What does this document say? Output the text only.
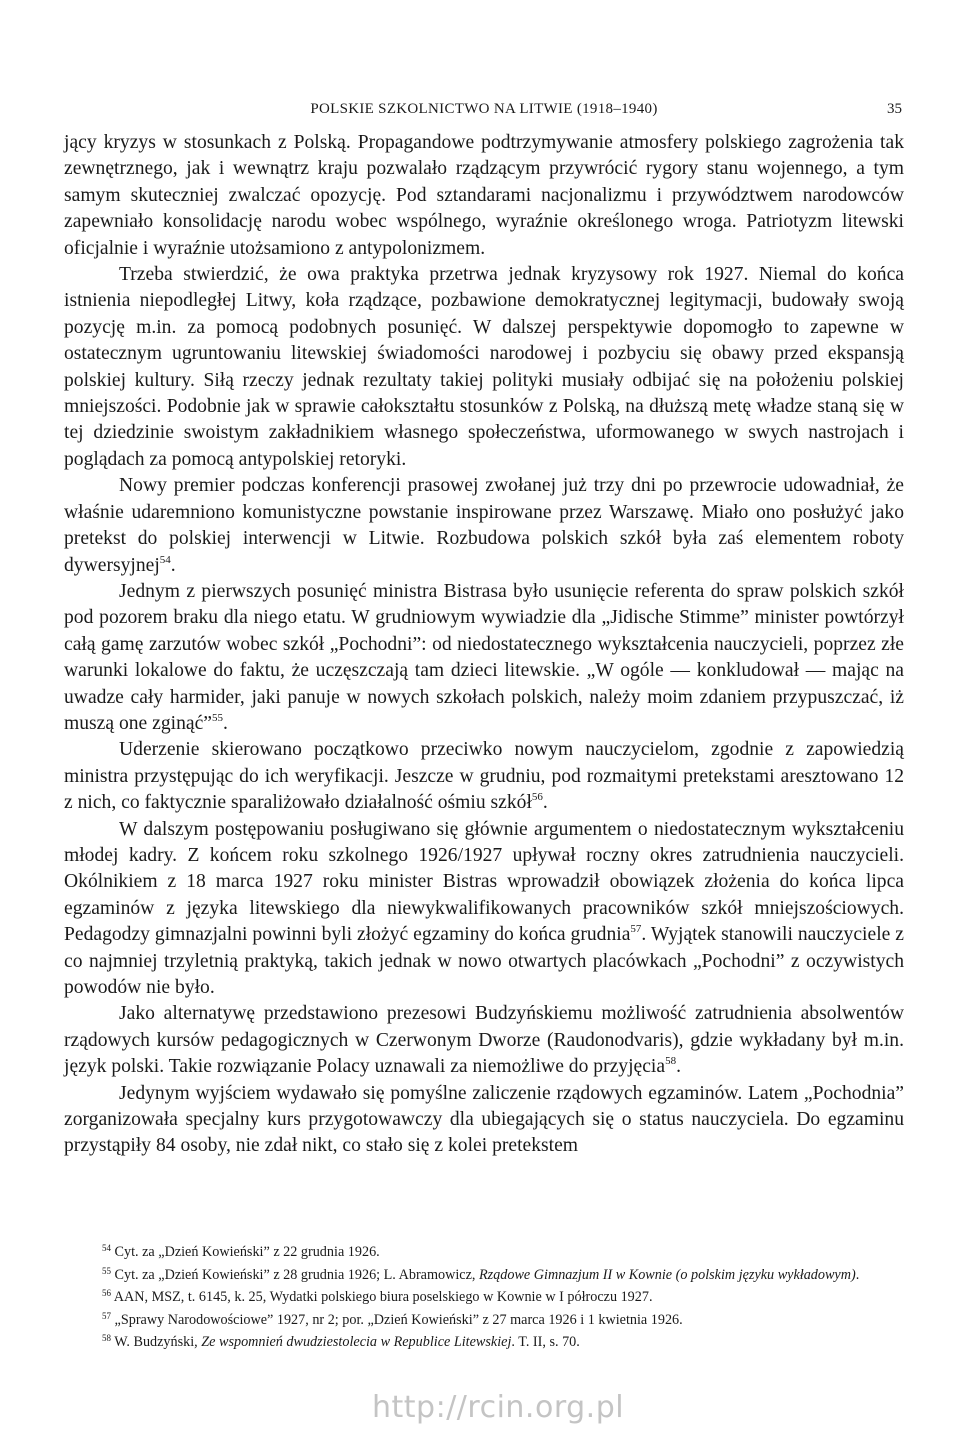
POLSKIE SZKOLNICTWO NA LITWIE (1918–1940)	35

jący kryzys w stosunkach z Polską. Propagandowe podtrzymywanie atmosfery polskiego zagrożenia tak zewnętrznego, jak i wewnątrz kraju pozwalało rządzącym przywrócić rygory stanu wojennego, a tym samym skuteczniej zwalczać opozycję. Pod sztandarami nacjonalizmu i przywództwem narodowców zapewniało konsolidację narodu wobec wspólnego, wyraźnie określonego wroga. Patriotyzm litewski oficjalnie i wyraźnie utożsamiono z antypolonizmem.

Trzeba stwierdzić, że owa praktyka przetrwa jednak kryzysowy rok 1927. Niemal do końca istnienia niepodległej Litwy, koła rządzące, pozbawione demokratycznej legitymacji, budowały swoją pozycję m.in. za pomocą podobnych posunięć. W dalszej perspektywie dopomogło to zapewne w ostatecznym ugruntowaniu litewskiej świadomości narodowej i pozbyciu się obawy przed ekspansją polskiej kultury. Siłą rzeczy jednak rezultaty takiej polityki musiały odbijać się na położeniu polskiej mniejszości. Podobnie jak w sprawie całokształtu stosunków z Polską, na dłuższą metę władze staną się w tej dziedzinie swoistym zakładnikiem własnego społeczeństwa, uformowanego w swych nastrojach i poglądach za pomocą antypolskiej retoryki.

Nowy premier podczas konferencji prasowej zwołanej już trzy dni po przewrocie udowadniał, że właśnie udaremniono komunistyczne powstanie inspirowane przez Warszawę. Miało ono posłużyć jako pretekst do polskiej interwencji w Litwie. Rozbudowa polskich szkół była zaś elementem roboty dywersyjnej$^{54}$.

Jednym z pierwszych posunięć ministra Bistrasa było usunięcie referenta do spraw polskich szkół pod pozorem braku dla niego etatu. W grudniowym wywiadzie dla „Jidische Stimme” minister powtórzył całą gamę zarzutów wobec szkół „Pochodni”: od niedostatecznego wykształcenia nauczycieli, poprzez złe warunki lokalowe do faktu, że uczęszczają tam dzieci litewskie. „W ogóle — konkludował — mając na uwadze cały harmider, jaki panuje w nowych szkołach polskich, należy moim zdaniem przypuszczać, iż muszą one zginąć”$^{55}$.

Uderzenie skierowano początkowo przeciwko nowym nauczycielom, zgodnie z zapowiedzią ministra przystępując do ich weryfikacji. Jeszcze w grudniu, pod rozmaitymi pretekstami aresztowano 12 z nich, co faktycznie sparaliżowało działalność ośmiu szkół$^{56}$.

W dalszym postępowaniu posługiwano się głównie argumentem o niedostatecznym wykształceniu młodej kadry. Z końcem roku szkolnego 1926/1927 upływał roczny okres zatrudnienia nauczycieli. Okólnikiem z 18 marca 1927 roku minister Bistras wprowadził obowiązek złożenia do końca lipca egzaminów z języka litewskiego dla niewykwalifikowanych pracowników szkół mniejszościowych. Pedagodzy gimnazjalni powinni byli złożyć egzaminy do końca grudnia$^{57}$. Wyjątek stanowili nauczyciele z co najmniej trzyletnią praktyką, takich jednak w nowo otwartych placówkach „Pochodni” z oczywistych powodów nie było.

Jako alternatywę przedstawiono prezesowi Budzyńskiemu możliwość zatrudnienia absolwentów rządowych kursów pedagogicznych w Czerwonym Dworze (Raudonodvaris), gdzie wykładany był m.in. język polski. Takie rozwiązanie Polacy uznawali za niemożliwe do przyjęcia$^{58}$.

Jedynym wyjściem wydawało się pomyślne zaliczenie rządowych egzaminów. Latem „Pochodnia” zorganizowała specjalny kurs przygotowawczy dla ubiegających się o status nauczyciela. Do egzaminu przystąpiły 84 osoby, nie zdał nikt, co stało się z kolei pretekstem

$^{54}$ Cyt. za „Dzień Kowieński” z 22 grudnia 1926.

$^{55}$ Cyt. za „Dzień Kowieński” z 28 grudnia 1926; L. Abramowicz, Rządowe Gimnazjum II w Kownie (o polskim języku wykładowym).

$^{56}$ AAN, MSZ, t. 6145, k. 25, Wydatki polskiego biura poselskiego w Kownie w I półroczu 1927.

$^{57}$ „Sprawy Narodowościowe” 1927, nr 2; por. „Dzień Kowieński” z 27 marca 1926 i 1 kwietnia 1926.

$^{58}$ W. Budzyński, Ze wspomnień dwudziestolecia w Republice Litewskiej. T. II, s. 70.

http://rcin.org.pl
